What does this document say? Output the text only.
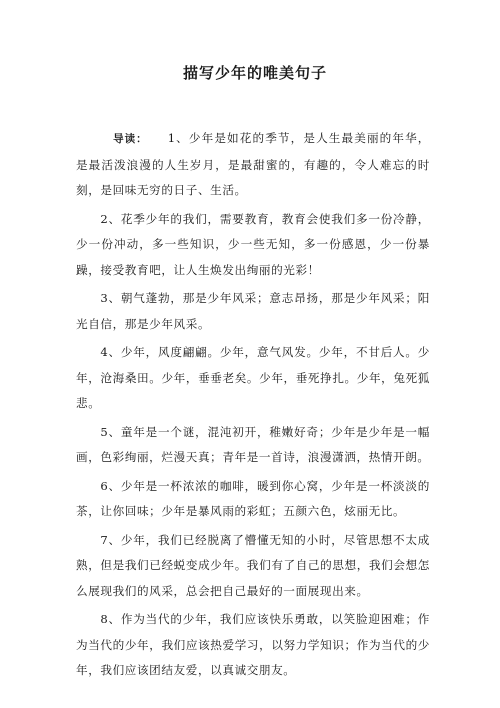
描写少年的唯美句子

导读： 1、少年是如花的季节，是人生最美丽的年华，是最活泼浪漫的人生岁月，是最甜蜜的，有趣的，令人难忘的时刻，是回味无穷的日子、生活。

2、花季少年的我们，需要教育，教育会使我们多一份冷静，少一份冲动，多一些知识，少一些无知，多一份感恩，少一份暴躁，接受教育吧，让人生焕发出绚丽的光彩！

3、朝气蓬勃，那是少年风采；意志昂扬，那是少年风采；阳光自信，那是少年风采。

4、少年，风度翩翩。少年，意气风发。少年，不甘后人。少年，沧海桑田。少年，垂垂老矣。少年，垂死挣扎。少年，兔死狐悲。

5、童年是一个谜，混沌初开，稚嫩好奇；少年是少年是一幅画，色彩绚丽，烂漫天真；青年是一首诗，浪漫潇洒，热情开朗。

6、少年是一杯浓浓的咖啡，暖到你心窝，少年是一杯淡淡的茶，让你回味；少年是暴风雨的彩虹；五颜六色，炫丽无比。

7、少年，我们已经脱离了懵懂无知的小时，尽管思想不太成熟，但是我们已经蜕变成少年。我们有了自己的思想，我们会想怎么展现我们的风采，总会把自己最好的一面展现出来。

8、作为当代的少年，我们应该快乐勇敢，以笑脸迎困难；作为当代的少年，我们应该热爱学习，以努力学知识；作为当代的少年，我们应该团结友爱，以真诚交朋友。
